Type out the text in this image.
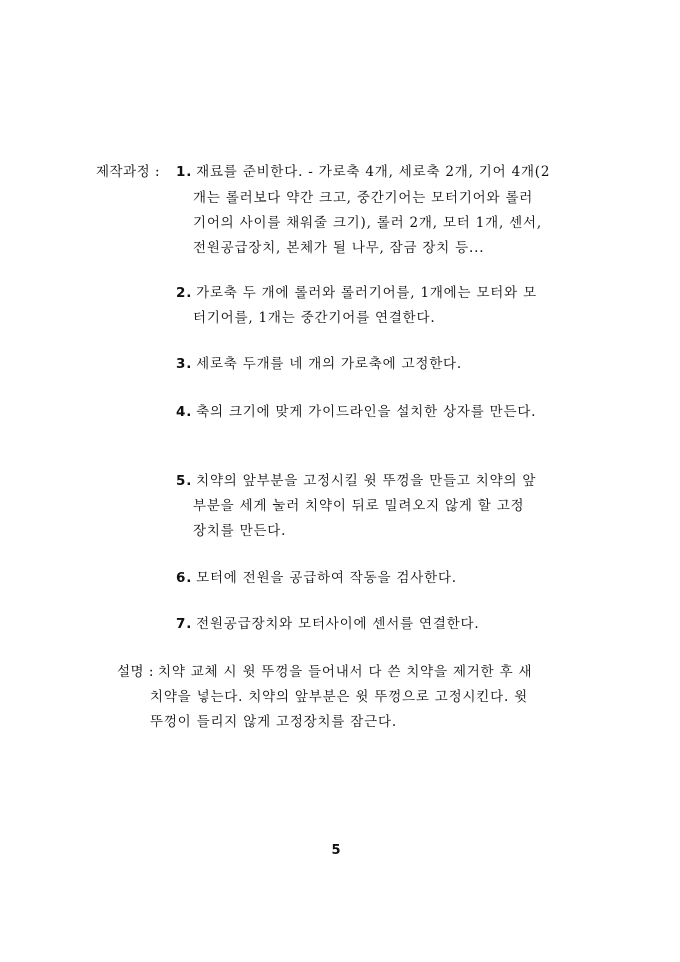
제작과정 : 1. 재료를 준비한다. - 가로축 4개, 세로축 2개, 기어 4개(2
개는 롤러보다 약간 크고, 중간기어는 모터기어와 롤러
기어의 사이를 채워줄 크기), 롤러 2개, 모터 1개, 센서,
전원공급장치, 본체가 될 나무, 잠금 장치 등...
2. 가로축 두 개에 롤러와 롤러기어를, 1개에는 모터와 모
터기어를, 1개는 중간기어를 연결한다.
3. 세로축 두개를 네 개의 가로축에 고정한다.
4. 축의 크기에 맞게 가이드라인을 설치한 상자를 만든다.
5. 치약의 앞부분을 고정시킬 윗 뚜껑을 만들고 치약의 앞
부분을 세게 눌러 치약이 뒤로 밀려오지 않게 할 고정
장치를 만든다.
6. 모터에 전원을 공급하여 작동을 검사한다.
7. 전원공급장치와 모터사이에 센서를 연결한다.
설명 : 치약 교체 시 윗 뚜껑을 들어내서 다 쓴 치약을 제거한 후 새
치약을 넣는다. 치약의 앞부분은 윗 뚜껑으로 고정시킨다. 윗
뚜껑이 들리지 않게 고정장치를 잠근다.
5
